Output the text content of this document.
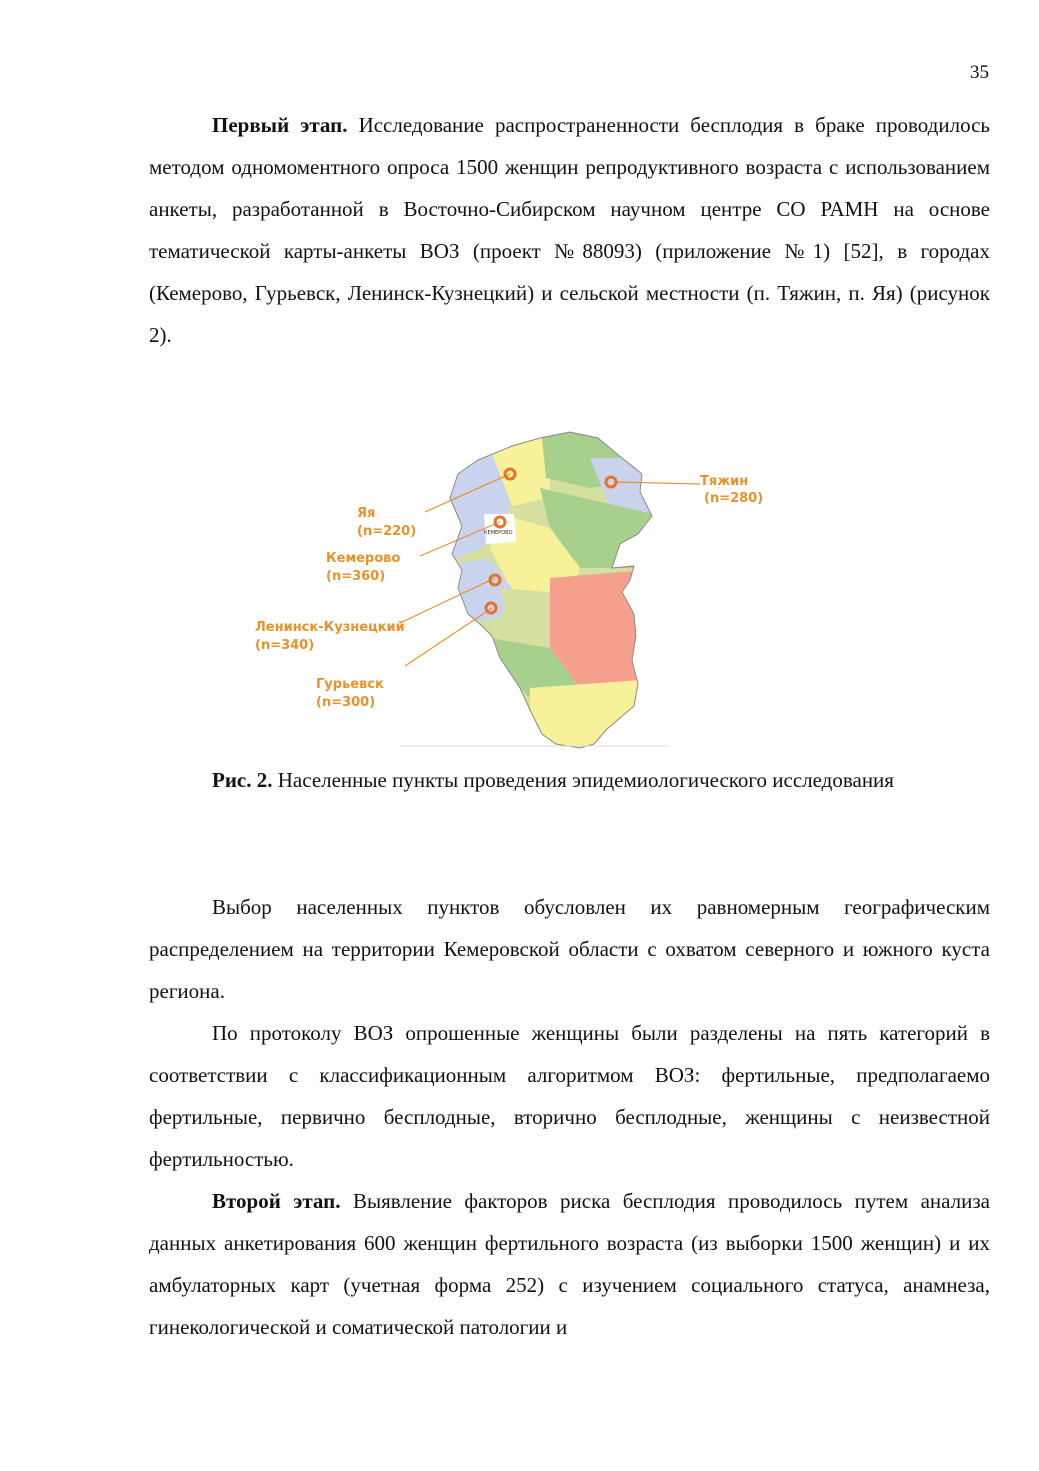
35

Первый этап. Исследование распространенности бесплодия в браке проводилось методом одномоментного опроса 1500 женщин репродуктивного возраста с использованием анкеты, разработанной в Восточно-Сибирском научном центре СО РАМН на основе тематической карты-анкеты ВОЗ (проект №88093) (приложение №1) [52], в городах (Кемерово, Гурьевск, Ленинск-Кузнецкий) и сельской местности (п. Тяжин, п. Яя) (рисунок 2).

КЕМЕРОВО
Тяжин
(n=280)
Яя
(n=220)
Кемерово
(n=360)
Ленинск-Кузнецкий
(n=340)
Гурьевск
(n=300)
Рис. 2. Населенные пункты проведения эпидемиологического исследования

Выбор населенных пунктов обусловлен их равномерным географическим распределением на территории Кемеровской области с охватом северного и южного куста региона.

По протоколу ВОЗ опрошенные женщины были разделены на пять категорий в соответствии с классификационным алгоритмом ВОЗ: фертильные, предполагаемо фертильные, первично бесплодные, вторично бесплодные, женщины с неизвестной фертильностью.

Второй этап. Выявление факторов риска бесплодия проводилось путем анализа данных анкетирования 600 женщин фертильного возраста (из выборки 1500 женщин) и их амбулаторных карт (учетная форма 252) с изучением социального статуса, анамнеза, гинекологической и соматической патологии и
